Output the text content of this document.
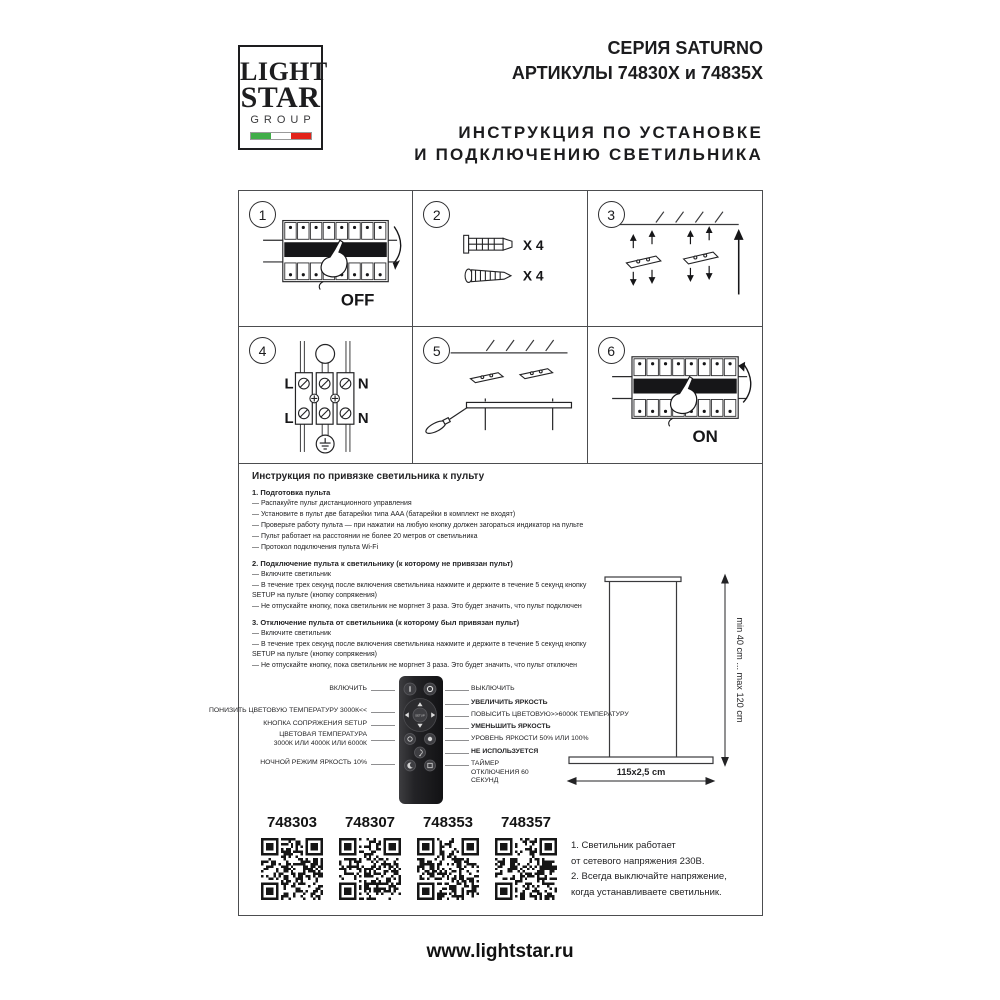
LIGHT
STAR
GROUP
СЕРИЯ SATURNO
АРТИКУЛЫ 74830X и 74835X
ИНСТРУКЦИЯ ПО УСТАНОВКЕ
И ПОДКЛЮЧЕНИЮ СВЕТИЛЬНИКА
1
OFF
2
X 4
X 4
3
4
L	N
L	N
5	6
ON
Инструкция по привязке светильника к пульту
1. Подготовка пульта
— Распакуйте пульт дистанционного управления
— Установите в пульт две батарейки типа AAA (батарейки в комплект не входят)
— Проверьте работу пульта — при нажатии на любую кнопку должен загораться индикатор на пульте
— Пульт работает на расстоянии не более 20 метров от светильника
— Протокол подключения пульта Wi-Fi
2. Подключение пульта к светильнику (к которому не привязан пульт)
— Включите светильник
— В течение трех секунд после включения светильника нажмите и держите в течение 5 секунд кнопку SETUP на пульте (кнопку сопряжения)
— Не отпускайте кнопку, пока светильник не моргнет 3 раза. Это будет значить, что пульт подключен
3. Отключение пульта от светильника (к которому был привязан пульт)
— Включите светильник
— В течение трех секунд после включения светильника нажмите и держите в течение 5 секунд кнопку SETUP на пульте (кнопку сопряжения)
— Не отпускайте кнопку, пока светильник не моргнет 3 раза. Это будет значить, что пульт отключен
ВКЛЮЧИТЬ
ПОНИЗИТЬ ЦВЕТОВУЮ ТЕМПЕРАТУРУ 3000К<<
КНОПКА СОПРЯЖЕНИЯ SETUP
ЦВЕТОВАЯ ТЕМПЕРАТУРА 3000К ИЛИ 4000К ИЛИ 6000К
НОЧНОЙ РЕЖИМ ЯРКОСТЬ 10%
ВЫКЛЮЧИТЬ
УВЕЛИЧИТЬ ЯРКОСТЬ
ПОВЫСИТЬ ЦВЕТОВУЮ>>6000К ТЕМПЕРАТУРУ
УМЕНЬШИТЬ ЯРКОСТЬ
УРОВЕНЬ ЯРКОСТИ 50% ИЛИ 100%
НЕ ИСПОЛЬЗУЕТСЯ
ТАЙМЕР ОТКЛЮЧЕНИЯ 60 СЕКУНД
SETUP	min 40 cm ... max 120 cm
115x2,5 cm
748303	748307	748353	748357
1. Светильник работает
от сетевого напряжения 230В.
2. Всегда выключайте напряжение,
когда устанавливаете светильник.
www.lightstar.ru
